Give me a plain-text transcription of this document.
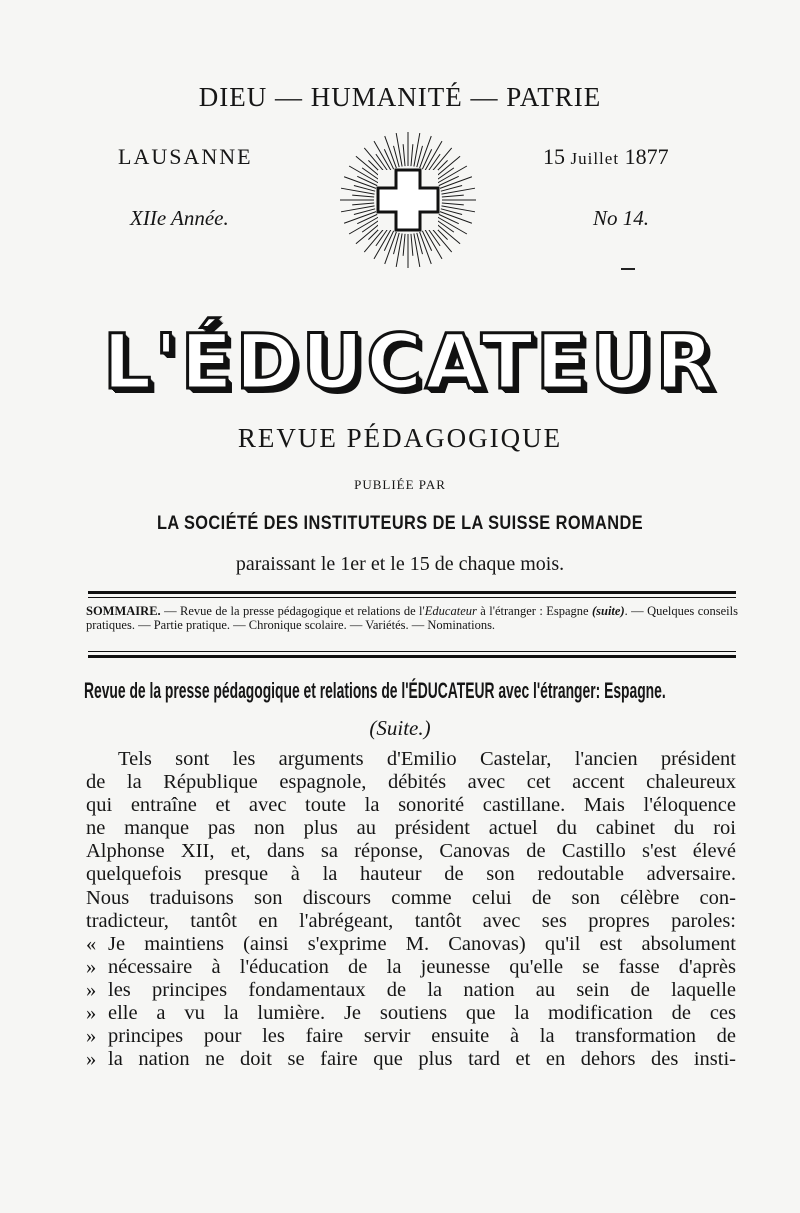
DIEU — HUMANITÉ — PATRIE
LAUSANNE	15 Juillet 1877
XIIe Année.	No 14.
L'ÉDUCATEUR
REVUE PÉDAGOGIQUE
PUBLIÉE PAR
LA SOCIÉTÉ DES INSTITUTEURS DE LA SUISSE ROMANDE
paraissant le 1er et le 15 de chaque mois.
SOMMAIRE. — Revue de la presse pédagogique et relations de l'Educateur à l'étranger : Espagne (suite). — Quelques conseils pratiques. — Partie pratique. — Chronique scolaire. — Variétés. — Nominations.
Revue de la presse pédagogique et relations de l'ÉDUCATEUR avec l'étranger: Espagne.
(Suite.)
Tels sont les arguments d'Emilio Castelar, l'ancien président
de la République espagnole, débités avec cet accent chaleureux
qui entraîne et avec toute la sonorité castillane. Mais l'éloquence
ne manque pas non plus au président actuel du cabinet du roi
Alphonse XII, et, dans sa réponse, Canovas de Castillo s'est élevé
quelquefois presque à la hauteur de son redoutable adversaire.
Nous traduisons son discours comme celui de son célèbre con-
tradicteur, tantôt en l'abrégeant, tantôt avec ses propres paroles:
« Je maintiens (ainsi s'exprime M. Canovas) qu'il est absolument
» nécessaire à l'éducation de la jeunesse qu'elle se fasse d'après
» les principes fondamentaux de la nation au sein de laquelle
» elle a vu la lumière. Je soutiens que la modification de ces
» principes pour les faire servir ensuite à la transformation de
» la nation ne doit se faire que plus tard et en dehors des insti-
